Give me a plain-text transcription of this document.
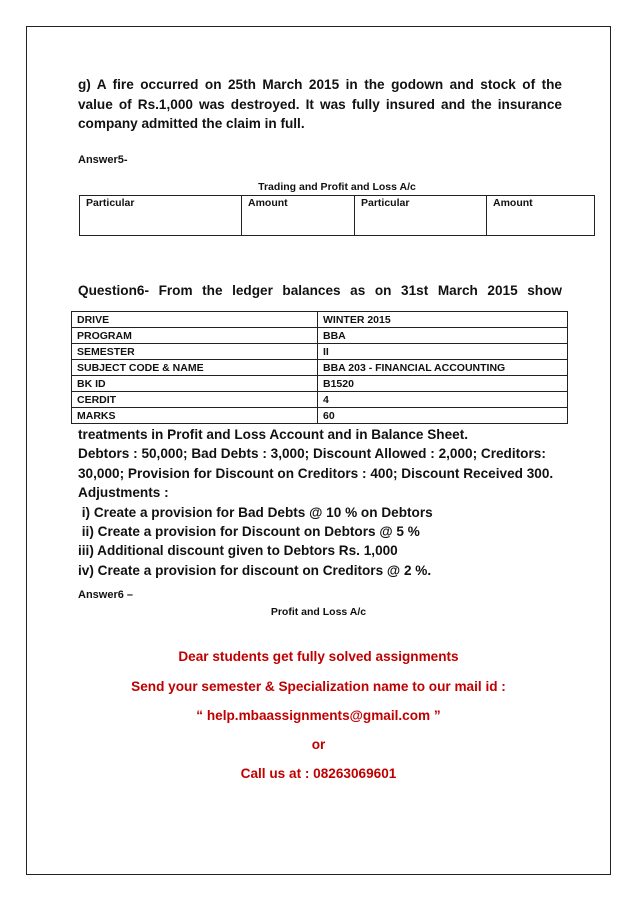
g) A fire occurred on 25th March 2015 in the godown and stock of the value of Rs.1,000 was destroyed. It was fully insured and the insurance company admitted the claim in full.
Answer5-
Trading and Profit and Loss A/c
Particular	Amount	Particular	Amount
Question6- From the ledger balances as on 31st March 2015 show
DRIVE	WINTER 2015
PROGRAM	BBA
SEMESTER	II
SUBJECT CODE & NAME	BBA 203 - FINANCIAL ACCOUNTING
BK ID	B1520
CERDIT	4
MARKS	60
treatments in Profit and Loss Account and in Balance Sheet.
Debtors : 50,000; Bad Debts : 3,000; Discount Allowed : 2,000; Creditors:
30,000; Provision for Discount on Creditors : 400; Discount Received 300.
Adjustments :
i) Create a provision for Bad Debts @ 10 % on Debtors
ii) Create a provision for Discount on Debtors @ 5 %
iii) Additional discount given to Debtors Rs. 1,000
iv) Create a provision for discount on Creditors @ 2 %.
Answer6 –
Profit and Loss A/c
Dear students get fully solved assignments
Send your semester & Specialization name to our mail id :
“ help.mbaassignments@gmail.com ”
or
Call us at : 08263069601
